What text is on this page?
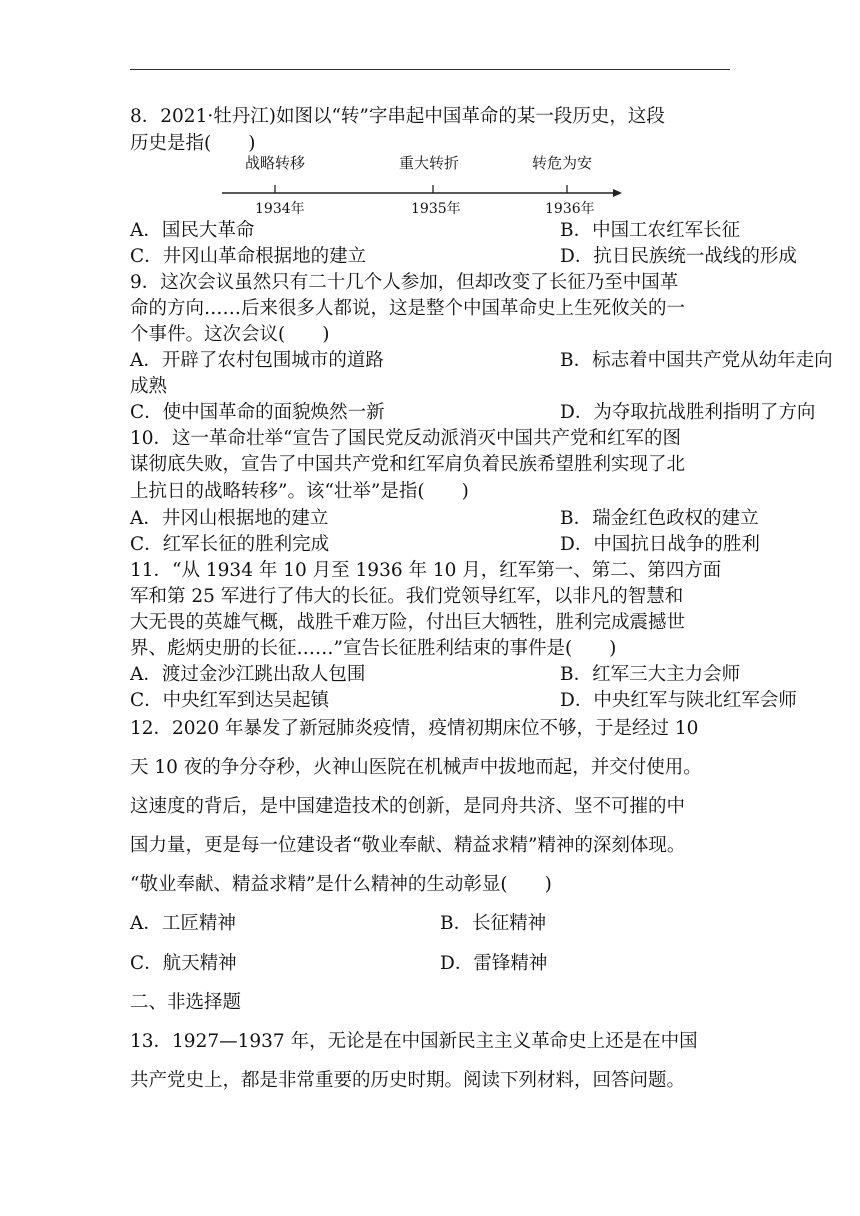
8．2021·牡丹江)如图以“转”字串起中国革命的某一段历史，这段
历史是指(　　)
战略转移	重大转折	转危为安
1934年	1935年	1936年
A．国民大革命	B．中国工农红军长征
C．井冈山革命根据地的建立	D．抗日民族统一战线的形成
9．这次会议虽然只有二十几个人参加，但却改变了长征乃至中国革
命的方向……后来很多人都说，这是整个中国革命史上生死攸关的一
个事件。这次会议(　　)
A．开辟了农村包围城市的道路	B．标志着中国共产党从幼年走向
成熟
C．使中国革命的面貌焕然一新	D．为夺取抗战胜利指明了方向
10．这一革命壮举“宣告了国民党反动派消灭中国共产党和红军的图
谋彻底失败，宣告了中国共产党和红军肩负着民族希望胜利实现了北
上抗日的战略转移”。该“壮举”是指(　　)
A．井冈山根据地的建立	B．瑞金红色政权的建立
C．红军长征的胜利完成	D．中国抗日战争的胜利
11．“从 1934 年 10 月至 1936 年 10 月，红军第一、第二、第四方面
军和第 25 军进行了伟大的长征。我们党领导红军，以非凡的智慧和
大无畏的英雄气概，战胜千难万险，付出巨大牺牲，胜利完成震撼世
界、彪炳史册的长征……”宣告长征胜利结束的事件是(　　)
A．渡过金沙江跳出敌人包围	B．红军三大主力会师
C．中央红军到达吴起镇	D．中央红军与陕北红军会师
12．2020 年暴发了新冠肺炎疫情，疫情初期床位不够，于是经过 10
天 10 夜的争分夺秒，火神山医院在机械声中拔地而起，并交付使用。
这速度的背后，是中国建造技术的创新，是同舟共济、坚不可摧的中
国力量，更是每一位建设者“敬业奉献、精益求精”精神的深刻体现。
“敬业奉献、精益求精”是什么精神的生动彰显(　　)
A．工匠精神	B．长征精神
C．航天精神	D．雷锋精神
二、非选择题
13．1927—1937 年，无论是在中国新民主主义革命史上还是在中国
共产党史上，都是非常重要的历史时期。阅读下列材料，回答问题。
